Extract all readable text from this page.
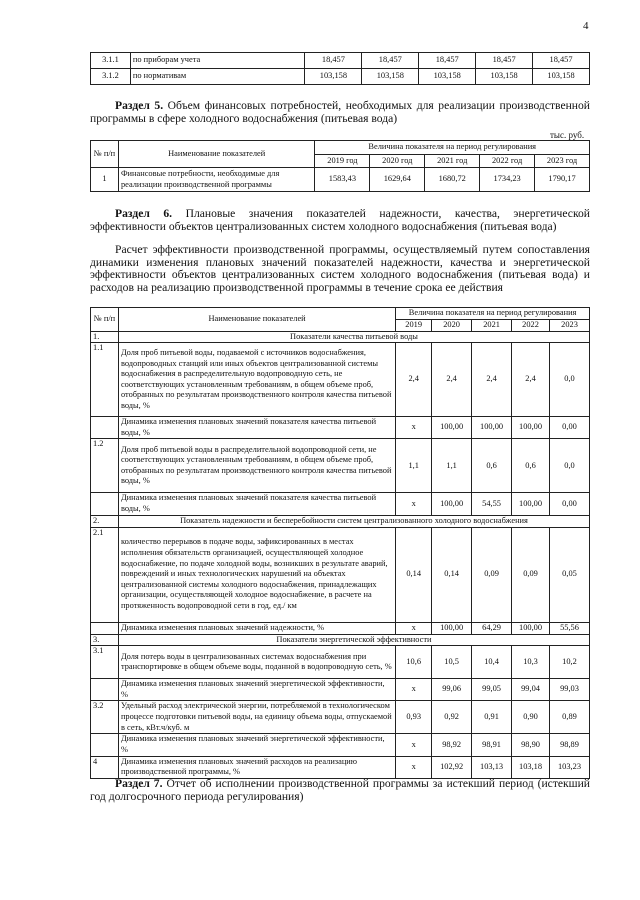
4
3.1.1	по приборам учета	18,457	18,457	18,457	18,457	18,457
3.1.2	по нормативам	103,158	103,158	103,158	103,158	103,158
Раздел 5. Объем финансовых потребностей, необходимых для реализации производственной программы в сфере холодного водоснабжения (питьевая вода)
тыс. руб.
№ п/п	Наименование показателей	Величина показателя на период регулирования				
		2019 год	2020 год	2021 год	2022 год	2023 год
1	Финансовые потребности, необходимые для реализации производственной программы	1583,43	1629,64	1680,72	1734,23	1790,17
Раздел 6. Плановые значения показателей надежности, качества, энергетической эффективности объектов централизованных систем холодного водоснабжения (питьевая вода)
Расчет эффективности производственной программы, осуществляемый путем сопоставления динамики изменения плановых значений показателей надежности, качества и энергетической эффективности объектов централизованных систем холодного водоснабжения (питьевая вода) и расходов на реализацию производственной программы в течение срока ее действия
№ п/п	Наименование показателей	Величина показателя на период регулирования				
		2019	2020	2021	2022	2023
1.	Показатели качества питьевой воды					
1.1	Доля проб питьевой воды, подаваемой с источников водоснабжения, водопроводных станций или иных объектов централизованной системы водоснабжения в распределительную водопроводную сеть, не соответствующих установленным требованиям, в общем объеме проб, отобранных по результатам производственного контроля качества питьевой воды, %	2,4	2,4	2,4	2,4	0,0
	Динамика изменения плановых значений показателя качества питьевой воды, %	x	100,00	100,00	100,00	0,00
1.2	Доля проб питьевой воды в распределительной водопроводной сети, не соответствующих установленным требованиям, в общем объеме проб, отобранных по результатам производственного контроля качества питьевой воды, %	1,1	1,1	0,6	0,6	0,0
	Динамика изменения плановых значений показателя качества питьевой воды, %	x	100,00	54,55	100,00	0,00
2.	Показатель надежности и бесперебойности систем централизованного холодного водоснабжения					
2.1	количество перерывов в подаче воды, зафиксированных в местах исполнения обязательств организацией, осуществляющей холодное водоснабжение, по подаче холодной воды, возникших в результате аварий, повреждений и иных технологических нарушений на объектах централизованной системы холодного водоснабжения, принадлежащих организации, осуществляющей холодное водоснабжение, в расчете на протяженность водопроводной сети в год, ед./ км	0,14	0,14	0,09	0,09	0,05
	Динамика изменения плановых значений надежности, %	x	100,00	64,29	100,00	55,56
3.	Показатели энергетической эффективности					
3.1	Доля потерь воды в централизованных системах водоснабжения при транспортировке в общем объеме воды, поданной в водопроводную сеть, %	10,6	10,5	10,4	10,3	10,2
	Динамика изменения плановых значений энергетической эффективности, %	x	99,06	99,05	99,04	99,03
3.2	Удельный расход электрической энергии, потребляемой в технологическом процессе подготовки питьевой воды, на единицу объема воды, отпускаемой в сеть, кВт.ч/куб. м	0,93	0,92	0,91	0,90	0,89
	Динамика изменения плановых значений энергетической эффективности, %	x	98,92	98,91	98,90	98,89
4	Динамика изменения плановых значений расходов на реализацию производственной программы, %	x	102,92	103,13	103,18	103,23
Раздел 7. Отчет об исполнении производственной программы за истекший период (истекший год долгосрочного периода регулирования)
